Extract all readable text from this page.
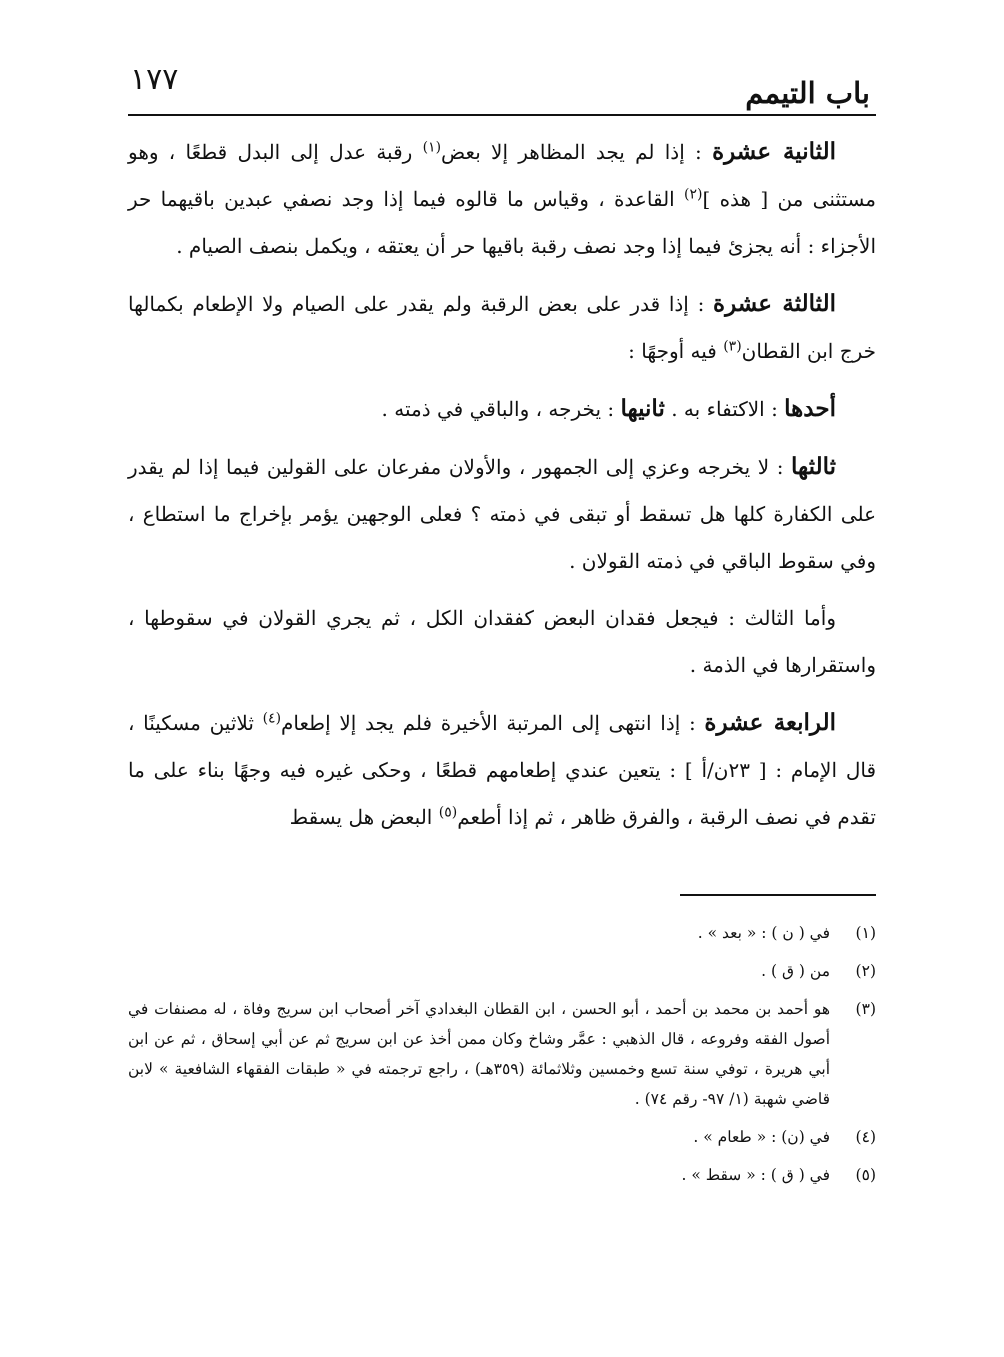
باب التيمم
١٧٧

الثانية عشرة : إذا لم يجد المظاهر إلا بعض$^{(١)}$ رقبة عدل إلى البدل قطعًا ، وهو مستثنى من [ هذه ]$^{(٢)}$ القاعدة ، وقياس ما قالوه فيما إذا وجد نصفي عبدين باقيهما حر الأجزاء : أنه يجزئ فيما إذا وجد نصف رقبة باقيها حر أن يعتقه ، ويكمل بنصف الصيام .

الثالثة عشرة : إذا قدر على بعض الرقبة ولم يقدر على الصيام ولا الإطعام بكمالها خرج ابن القطان$^{(٣)}$ فيه أوجهًا :

أحدها : الاكتفاء به . ثانيها : يخرجه ، والباقي في ذمته .

ثالثها : لا يخرجه وعزي إلى الجمهور ، والأولان مفرعان على القولين فيما إذا لم يقدر على الكفارة كلها هل تسقط أو تبقى في ذمته ؟ فعلى الوجهين يؤمر بإخراج ما استطاع ، وفي سقوط الباقي في ذمته القولان .

وأما الثالث : فيجعل فقدان البعض كفقدان الكل ، ثم يجري القولان في سقوطها ، واستقرارها في الذمة .

الرابعة عشرة : إذا انتهى إلى المرتبة الأخيرة فلم يجد إلا إطعام$^{(٤)}$ ثلاثين مسكينًا ، قال الإمام : [ ٢٣ن/أ ] : يتعين عندي إطعامهم قطعًا ، وحكى غيره فيه وجهًا بناء على ما تقدم في نصف الرقبة ، والفرق ظاهر ، ثم إذا أطعم$^{(٥)}$ البعض هل يسقط

(١)
في ( ن ) : « بعد » .
(٢)
من ( ق ) .
(٣)
هو أحمد بن محمد بن أحمد ، أبو الحسن ، ابن القطان البغدادي آخر أصحاب ابن سريج وفاة ، له مصنفات في أصول الفقه وفروعه ، قال الذهبي : عمَّر وشاخ وكان ممن أخذ عن ابن سريج ثم عن أبي إسحاق ، ثم عن ابن أبي هريرة ، توفي سنة تسع وخمسين وثلاثمائة (٣٥٩هـ) ، راجع ترجمته في « طبقات الفقهاء الشافعية » لابن قاضي شهبة (١/ ٩٧- رقم ٧٤) .
(٤)
في (ن) : « طعام » .
(٥)
في ( ق ) : « سقط » .
